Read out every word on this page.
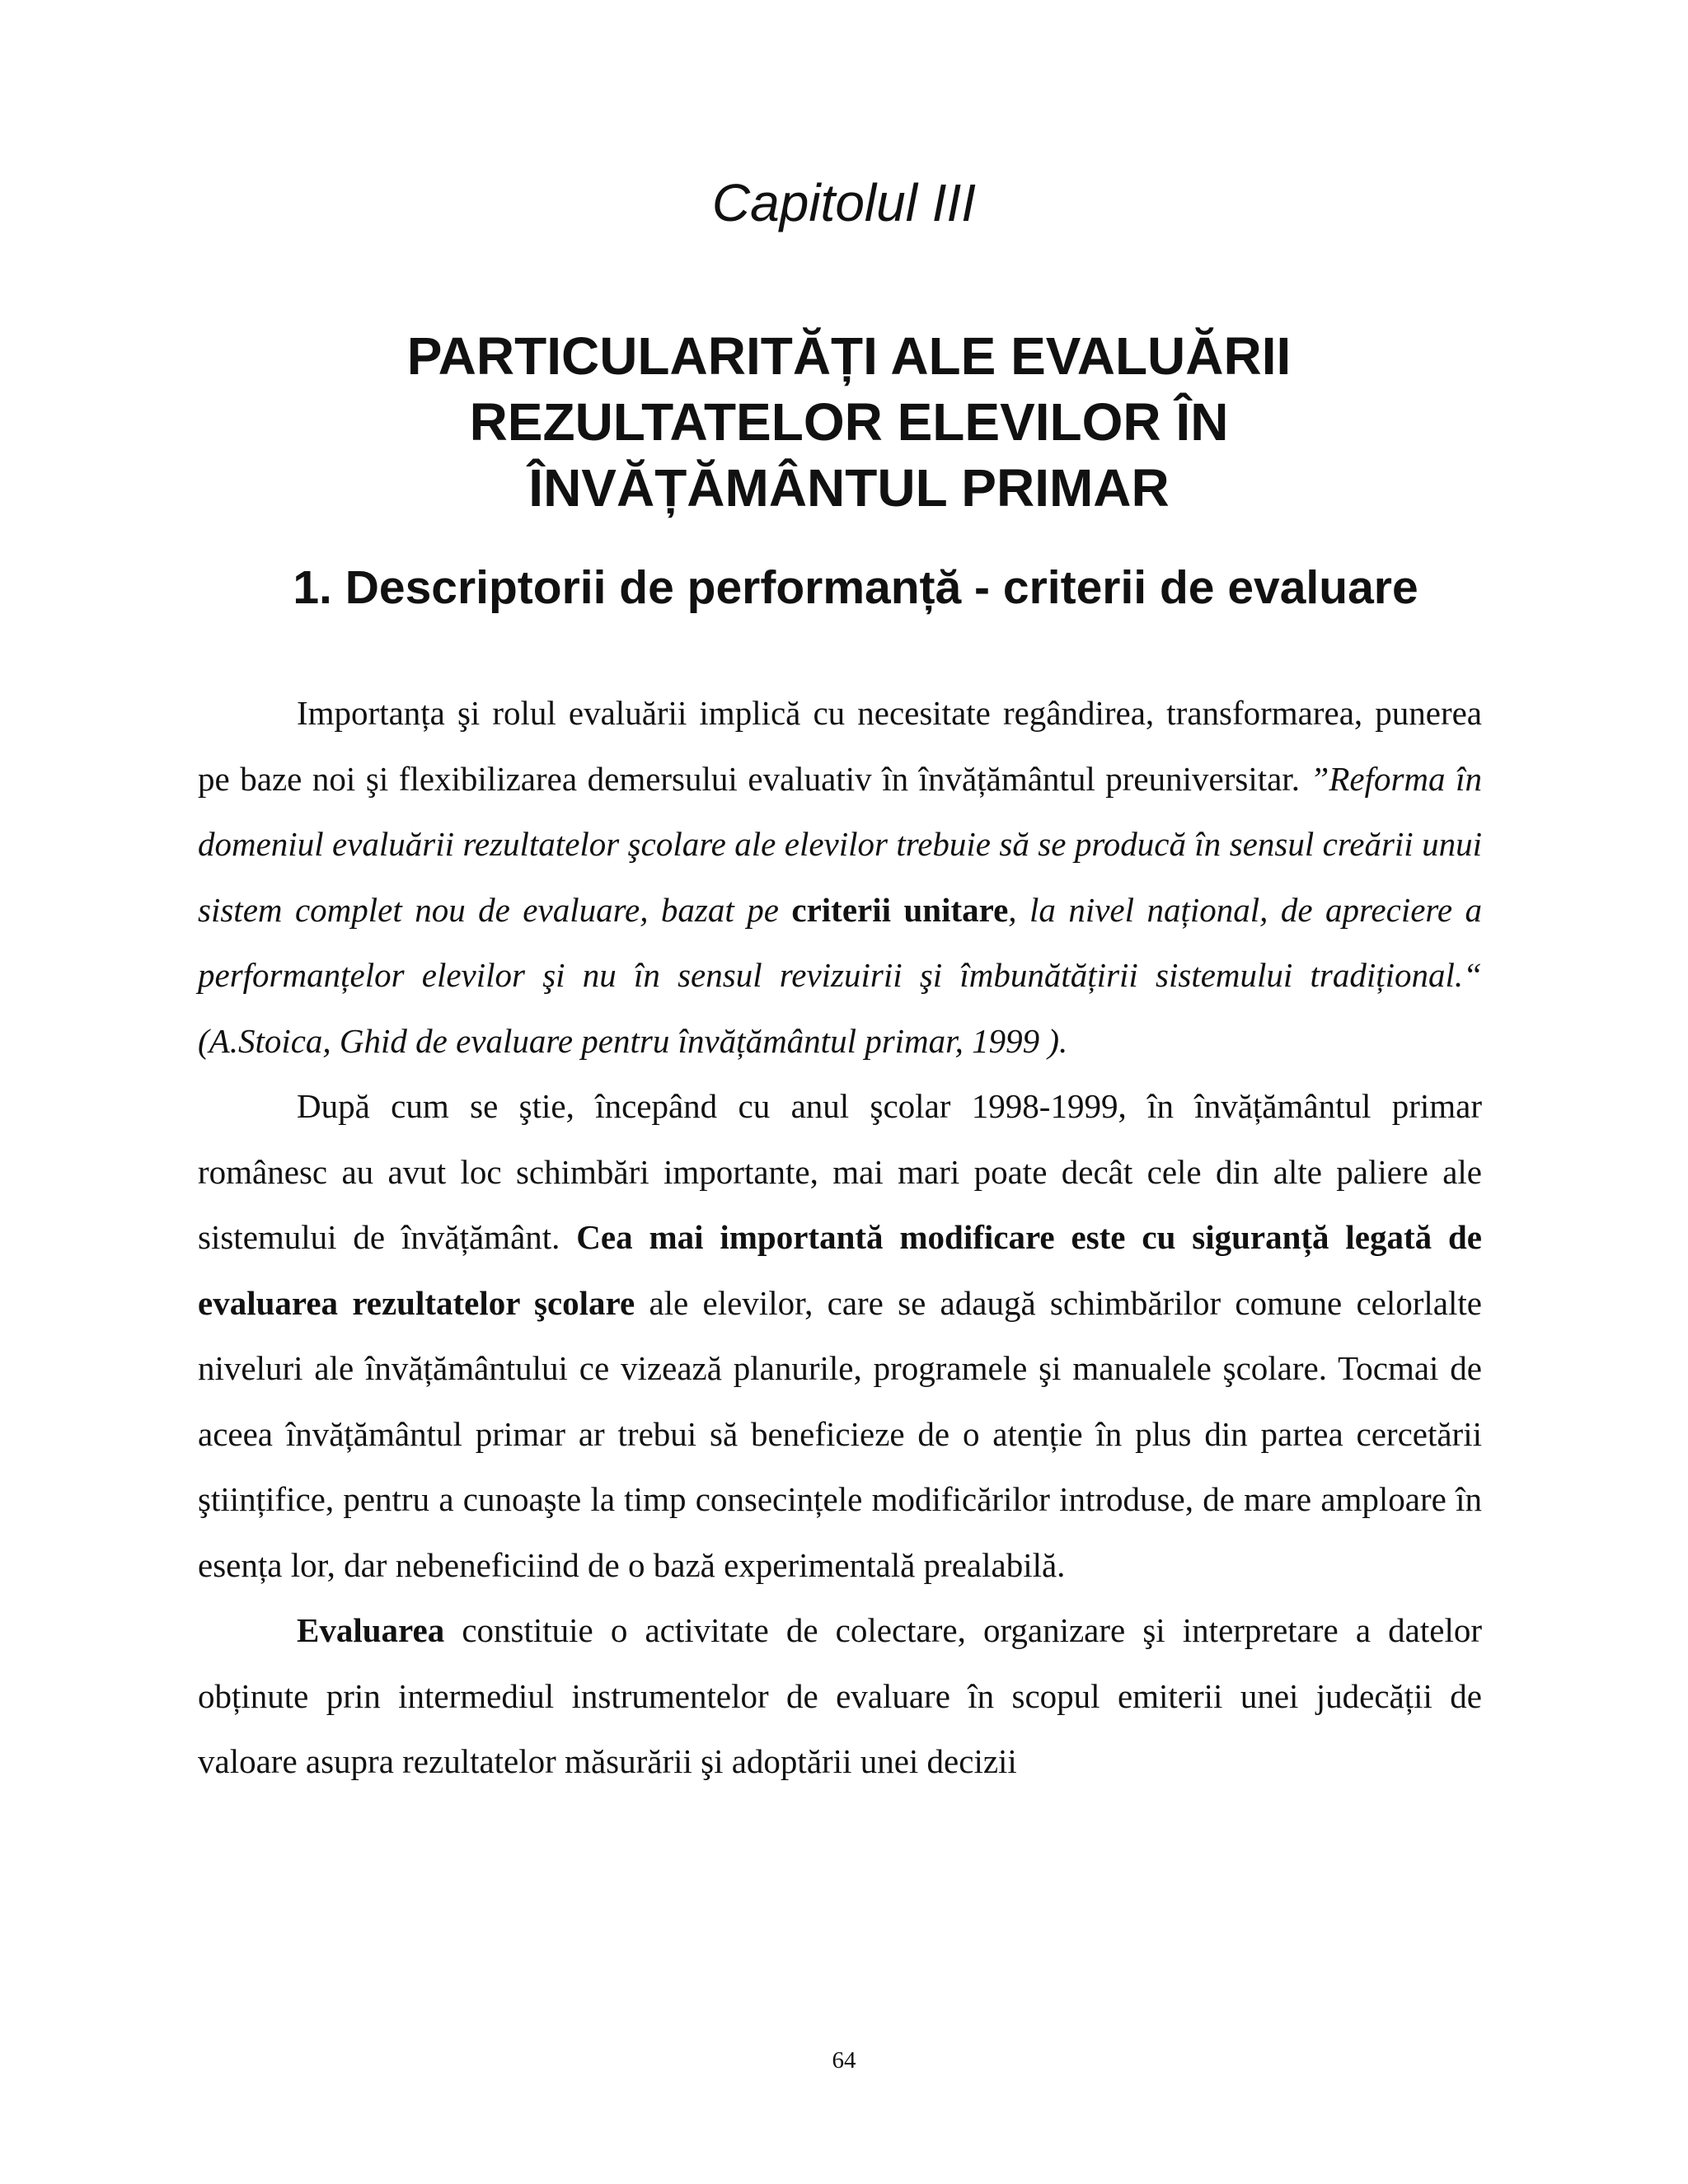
Capitolul III
PARTICULARITĂȚI ALE EVALUĂRII
REZULTATELOR ELEVILOR ÎN
ÎNVĂȚĂMÂNTUL PRIMAR
1. Descriptorii de performanță - criterii de evaluare

Importanța şi rolul evaluării implică cu necesitate regândirea, transformarea, punerea pe baze noi şi flexibilizarea demersului evaluativ în învățământul preuniversitar. ”Reforma în domeniul evaluării rezultatelor şcolare ale elevilor trebuie să se producă în sensul creării unui sistem complet nou de evaluare, bazat pe criterii unitare, la nivel național, de apreciere a performanțelor elevilor şi nu în sensul revizuirii şi îmbunătățirii sistemului tradițional.“ (A.Stoica, Ghid de evaluare pentru învățământul primar, 1999 ).

După cum se ştie, începând cu anul şcolar 1998-1999, în învățământul primar românesc au avut loc schimbări importante, mai mari poate decât cele din alte paliere ale sistemului de învățământ. Cea mai importantă modificare este cu siguranță legată de evaluarea rezultatelor şcolare ale elevilor, care se adaugă schimbărilor comune celorlalte niveluri ale învățământului ce vizează planurile, programele şi manualele şcolare. Tocmai de aceea învățământul primar ar trebui să beneficieze de o atenție în plus din partea cercetării ştiințifice, pentru a cunoaşte la timp consecințele modificărilor introduse, de mare amploare în esența lor, dar nebeneficiind de o bază experimentală prealabilă.

Evaluarea constituie o activitate de colectare, organizare şi interpretare a datelor obținute prin intermediul instrumentelor de evaluare în scopul emiterii unei judecății de valoare asupra rezultatelor măsurării şi adoptării unei decizii

64
